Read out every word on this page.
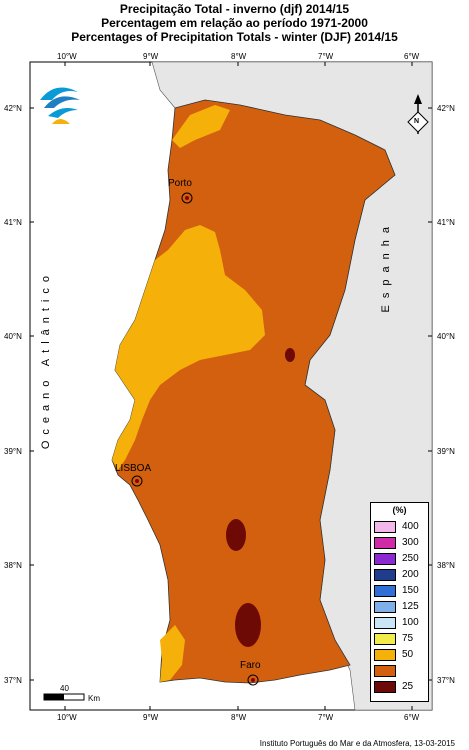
Precipitação Total - inverno (djf) 2014/15
Percentagem em relação ao período 1971-2000
Percentages of Precipitation Totals - winter (DJF) 2014/15
10°W	9°W	8°W	7°W	6°W
10°W	9°W	8°W	7°W	6°W
42°N
41°N
40°N
39°N
38°N
37°N
42°N
41°N
40°N
39°N
38°N
37°N
Oceano Atlântico
Espanha
Porto
LISBOA
Faro
N
40
Km
(%)
400
300
250
200
150
125
100
75
50
25
Instituto Português do Mar e da Atmosfera, 13-03-2015
